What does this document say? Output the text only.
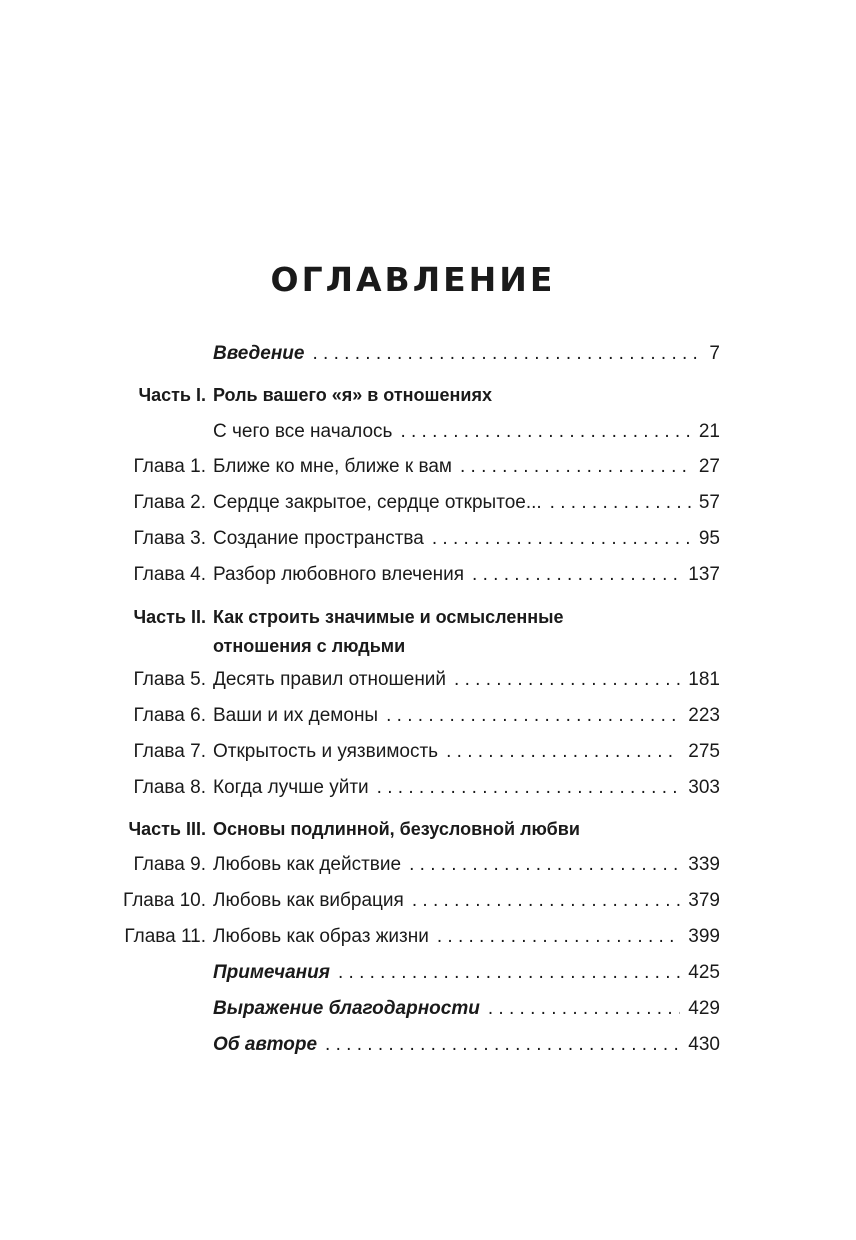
ОГЛАВЛЕНИЕ
Введение . . .	7
Часть I. Роль вашего «я» в отношениях
С чего все началось . . .	21
Глава 1. Ближе ко мне, ближе к вам . . .	27
Глава 2. Сердце закрытое, сердце открытое... . . .	57
Глава 3. Создание пространства . . .	95
Глава 4. Разбор любовного влечения . . .	137
Часть II. Как строить значимые и осмысленные отношения с людьми
Глава 5. Десять правил отношений . . .	181
Глава 6. Ваши и их демоны . . .	223
Глава 7. Открытость и уязвимость . . .	275
Глава 8. Когда лучше уйти . . .	303
Часть III. Основы подлинной, безусловной любви
Глава 9. Любовь как действие . . .	339
Глава 10. Любовь как вибрация . . .	379
Глава 11. Любовь как образ жизни . . .	399
Примечания . . .	425
Выражение благодарности . . .	429
Об авторе . . .	430
